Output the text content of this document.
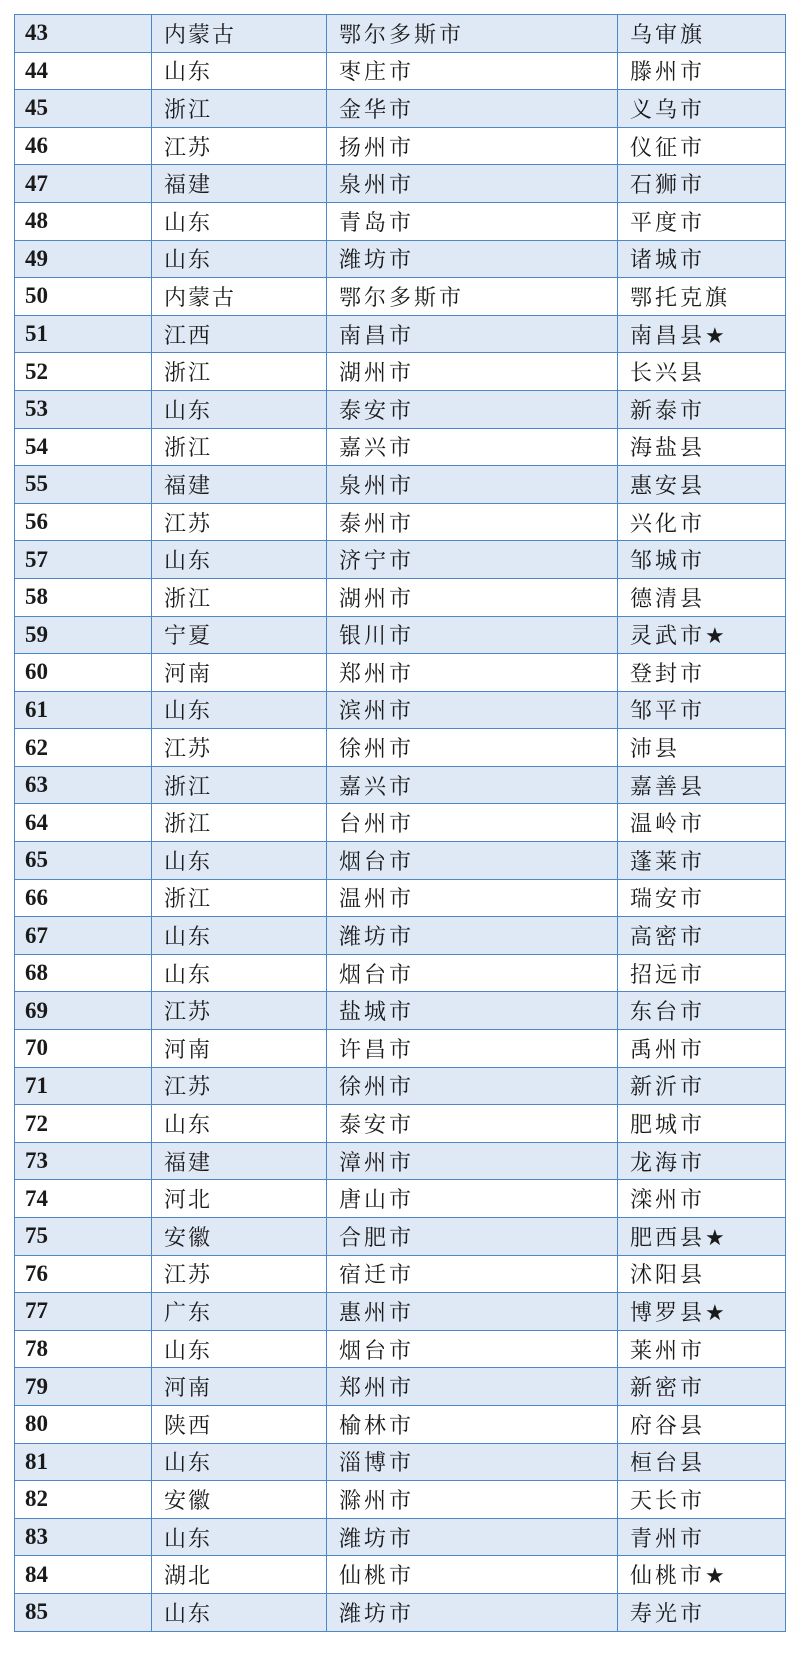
43	内蒙古	鄂尔多斯市	乌审旗
44	山东	枣庄市	滕州市
45	浙江	金华市	义乌市
46	江苏	扬州市	仪征市
47	福建	泉州市	石狮市
48	山东	青岛市	平度市
49	山东	潍坊市	诸城市
50	内蒙古	鄂尔多斯市	鄂托克旗
51	江西	南昌市	南昌县★
52	浙江	湖州市	长兴县
53	山东	泰安市	新泰市
54	浙江	嘉兴市	海盐县
55	福建	泉州市	惠安县
56	江苏	泰州市	兴化市
57	山东	济宁市	邹城市
58	浙江	湖州市	德清县
59	宁夏	银川市	灵武市★
60	河南	郑州市	登封市
61	山东	滨州市	邹平市
62	江苏	徐州市	沛县
63	浙江	嘉兴市	嘉善县
64	浙江	台州市	温岭市
65	山东	烟台市	蓬莱市
66	浙江	温州市	瑞安市
67	山东	潍坊市	高密市
68	山东	烟台市	招远市
69	江苏	盐城市	东台市
70	河南	许昌市	禹州市
71	江苏	徐州市	新沂市
72	山东	泰安市	肥城市
73	福建	漳州市	龙海市
74	河北	唐山市	滦州市
75	安徽	合肥市	肥西县★
76	江苏	宿迁市	沭阳县
77	广东	惠州市	博罗县★
78	山东	烟台市	莱州市
79	河南	郑州市	新密市
80	陕西	榆林市	府谷县
81	山东	淄博市	桓台县
82	安徽	滁州市	天长市
83	山东	潍坊市	青州市
84	湖北	仙桃市	仙桃市★
85	山东	潍坊市	寿光市
